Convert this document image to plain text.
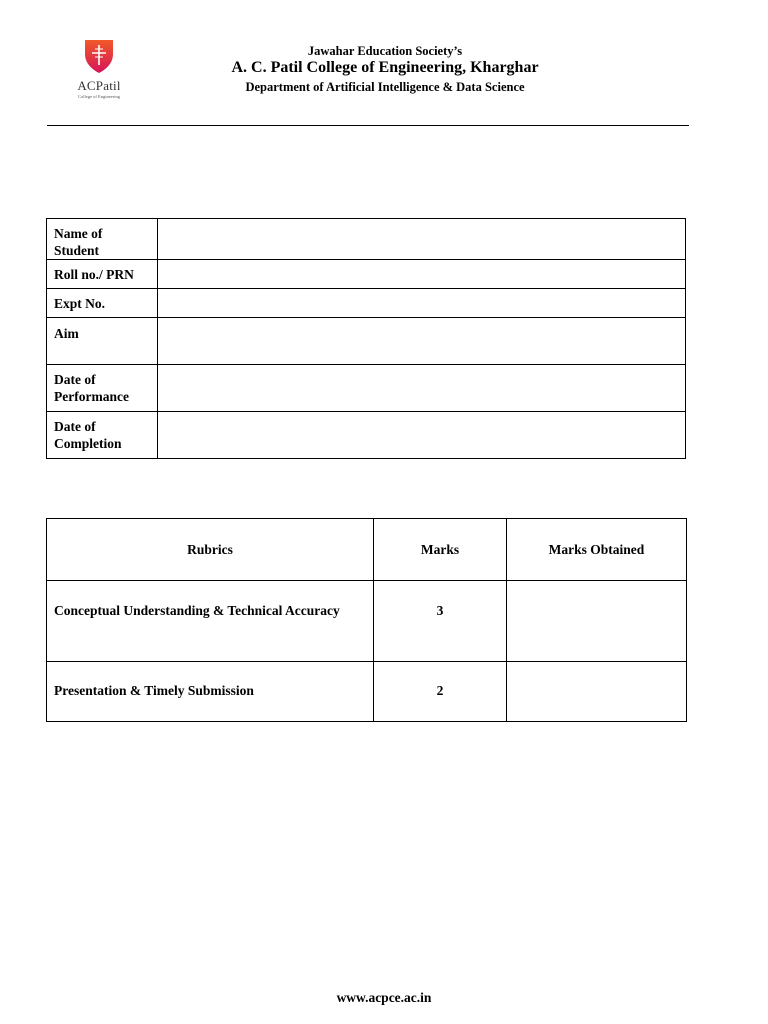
ACPatil
College of Engineering
Jawahar Education Society’s
A. C. Patil College of Engineering, Kharghar
Department of Artificial Intelligence & Data Science
Name of Student	
Roll no./ PRN	
Expt No.	
Aim	
Date of Performance	
Date of Completion	
Rubrics	Marks	Marks Obtained
Conceptual Understanding & Technical Accuracy	3	
Presentation & Timely Submission	2	
www.acpce.ac.in
